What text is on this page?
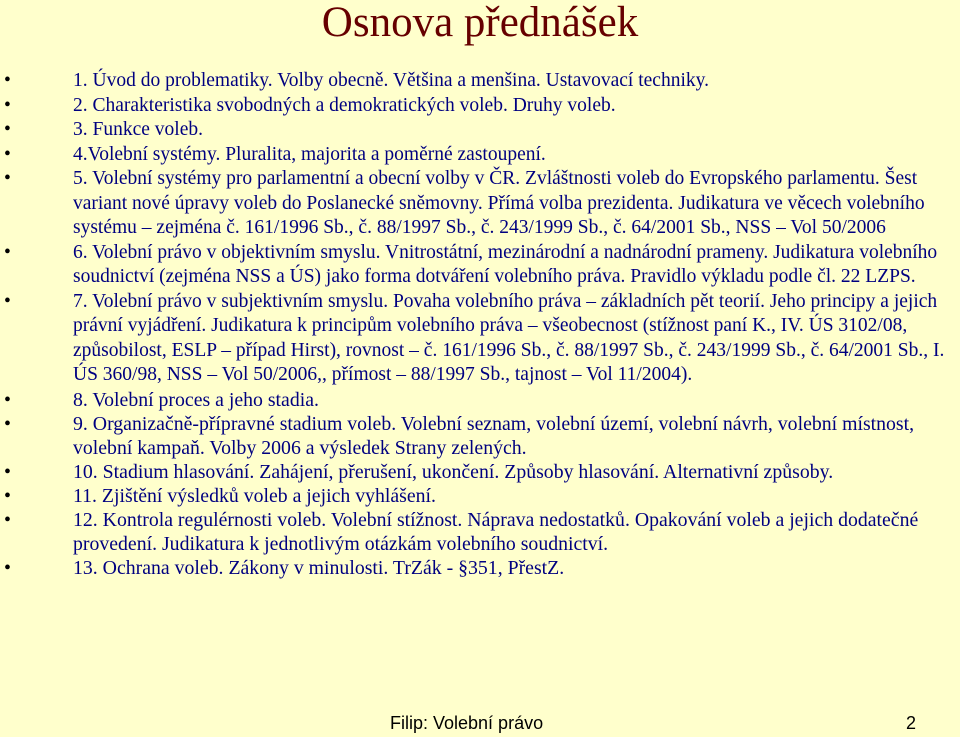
Osnova přednášek
•	1. Úvod do problematiky. Volby obecně. Většina a menšina. Ustavovací techniky.
•	2. Charakteristika svobodných a demokratických voleb. Druhy voleb.
•	3. Funkce voleb.
•	4.Volební systémy. Pluralita, majorita a poměrné zastoupení.
•	5. Volební systémy pro parlamentní a obecní volby v ČR. Zvláštnosti voleb do Evropského parlamentu. Šest variant nové úpravy voleb do Poslanecké sněmovny. Přímá volba prezidenta. Judikatura ve věcech volebního systému – zejména č. 161/1996 Sb., č. 88/1997 Sb., č. 243/1999 Sb., č. 64/2001 Sb., NSS – Vol 50/2006
•	6. Volební právo v objektivním smyslu. Vnitrostátní, mezinárodní a nadnárodní prameny. Judikatura volebního soudnictví (zejména NSS a ÚS) jako forma dotváření volebního práva. Pravidlo výkladu podle čl. 22 LZPS.
•	7. Volební právo v subjektivním smyslu. Povaha volebního práva – základních pět teorií. Jeho principy a jejich právní vyjádření. Judikatura k principům volebního práva – všeobecnost (stížnost paní K., IV. ÚS 3102/08, způsobilost, ESLP – případ Hirst), rovnost – č. 161/1996 Sb., č. 88/1997 Sb., č. 243/1999 Sb., č. 64/2001 Sb., I. ÚS 360/98, NSS – Vol 50/2006,, přímost – 88/1997 Sb., tajnost – Vol 11/2004).
•	8. Volební proces a jeho stadia.
•	9. Organizačně-přípravné stadium voleb. Volební seznam, volební území, volební návrh, volební místnost, volební kampaň. Volby 2006 a výsledek Strany zelených.
•	10. Stadium hlasování. Zahájení, přerušení, ukončení. Způsoby hlasování. Alternativní způsoby.
•	11. Zjištění výsledků voleb a jejich vyhlášení.
•	12. Kontrola regulérnosti voleb. Volební stížnost. Náprava nedostatků. Opakování voleb a jejich dodatečné provedení. Judikatura k jednotlivým otázkám volebního soudnictví.
•	13. Ochrana voleb. Zákony v minulosti. TrZák - §351, PřestZ.
Filip: Volební právo	2
